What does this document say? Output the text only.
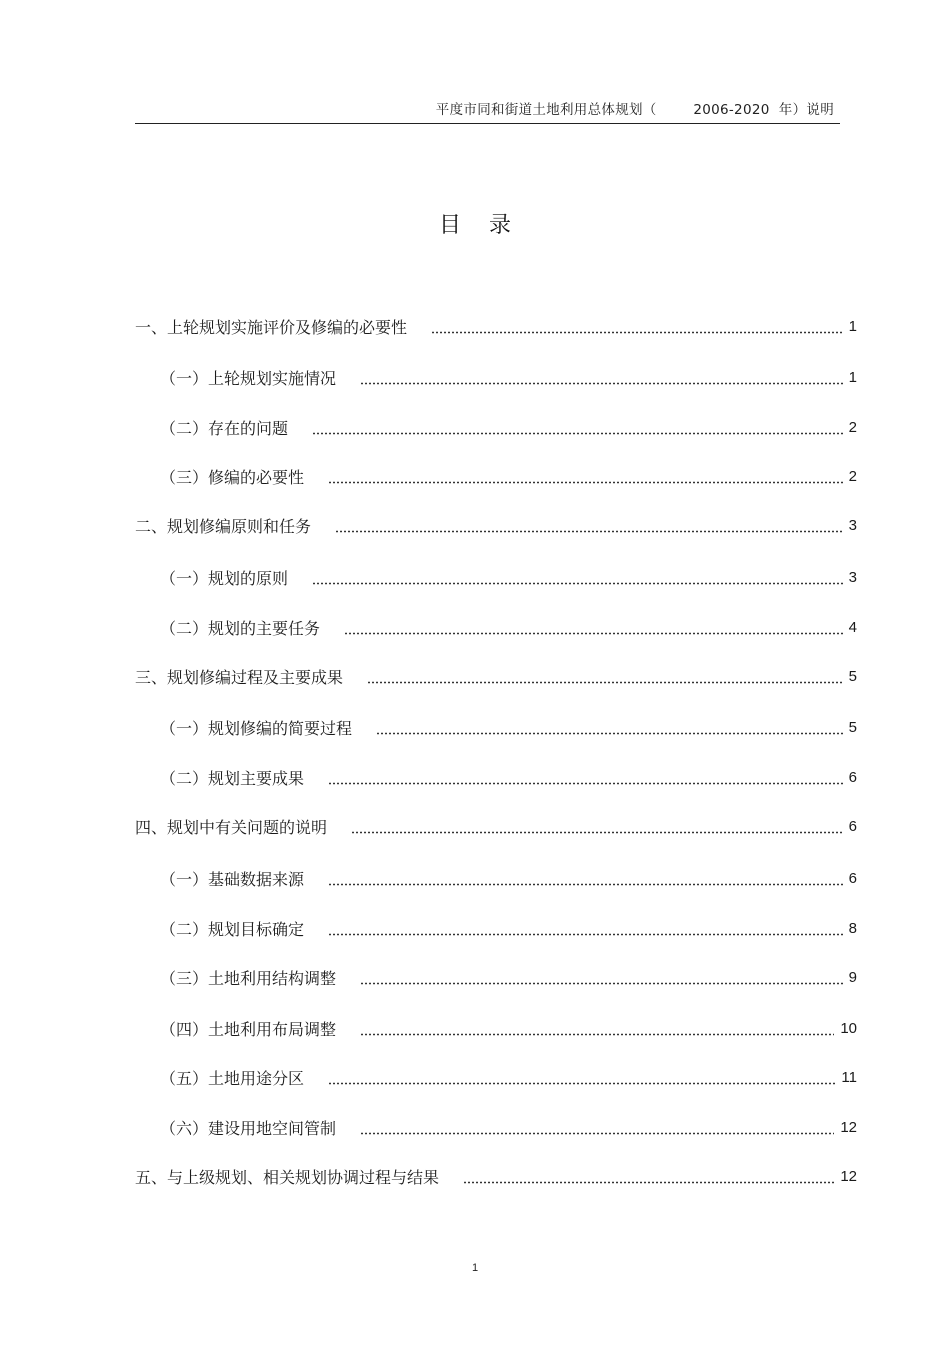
平度市同和街道土地利用总体规划（        2006-2020  年）说明
目录
一、上轮规划实施评价及修编的必要性	1
（一）上轮规划实施情况	1
（二）存在的问题	2
（三）修编的必要性	2
二、规划修编原则和任务	3
（一）规划的原则	3
（二）规划的主要任务	4
三、规划修编过程及主要成果	5
（一）规划修编的简要过程	5
（二）规划主要成果	6
四、规划中有关问题的说明	6
（一）基础数据来源	6
（二）规划目标确定	8
（三）土地利用结构调整	9
（四）土地利用布局调整	10
（五）土地用途分区	11
（六）建设用地空间管制	12
五、与上级规划、相关规划协调过程与结果	12
1
